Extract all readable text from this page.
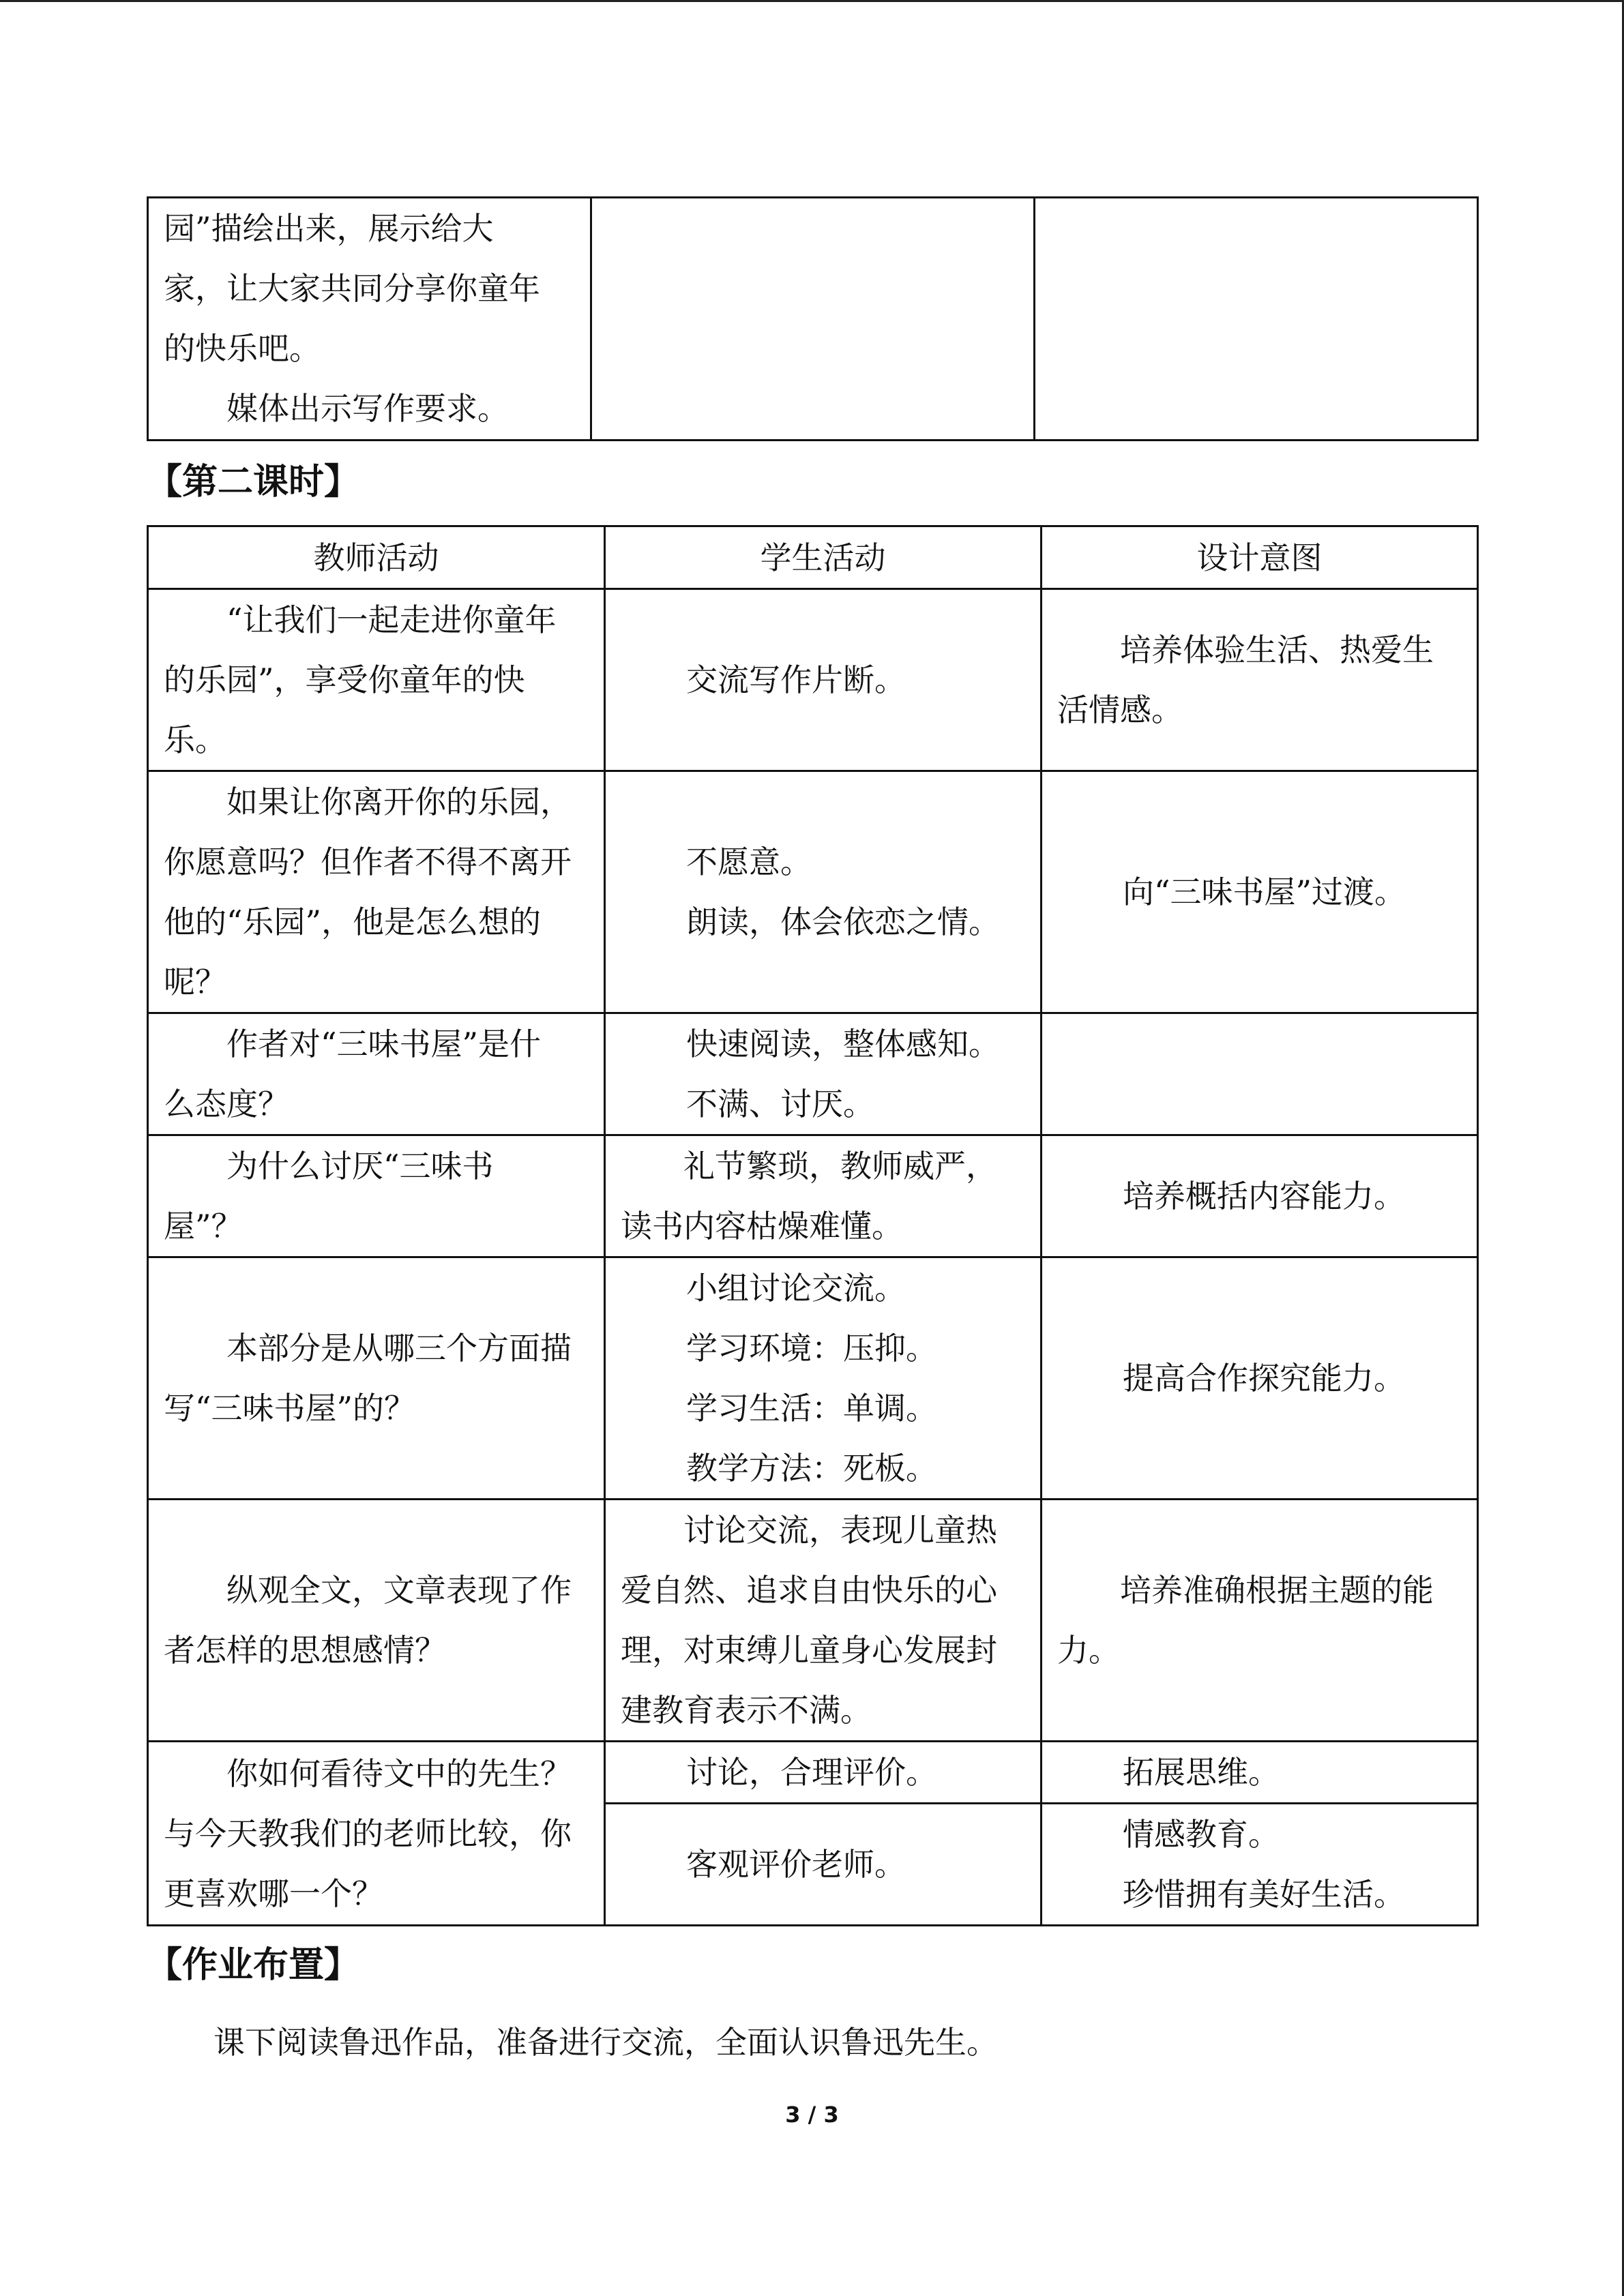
园”描绘出来，展示给大
家，让大家共同分享你童年
的快乐吧。
媒体出示写作要求。

【第二课时】
教师活动	学生活动	设计意图

“让我们一起走进你童年
的乐园”，享受你童年的快
乐。	交流写作片断。	培养体验生活、热爱生
活情感。

如果让你离开你的乐园，
你愿意吗？但作者不得不离开
他的“乐园”，他是怎么想的
呢？	不愿意。
朗读，体会依恋之情。	向“三味书屋”过渡。

作者对“三味书屋”是什
么态度？	快速阅读，整体感知。
不满、讨厌。	

为什么讨厌“三味书
屋”？	礼节繁琐，教师威严，
读书内容枯燥难懂。	培养概括内容能力。

本部分是从哪三个方面描
写“三味书屋”的？	小组讨论交流。
学习环境：压抑。
学习生活：单调。
教学方法：死板。	提高合作探究能力。

纵观全文，文章表现了作
者怎样的思想感情？	讨论交流，表现儿童热
爱自然、追求自由快乐的心
理，对束缚儿童身心发展封
建教育表示不满。	培养准确根据主题的能
力。

你如何看待文中的先生？
与今天教我们的老师比较，你
更喜欢哪一个？	讨论，合理评价。	拓展思维。

	客观评价老师。	情感教育。
珍惜拥有美好生活。
【作业布置】
课下阅读鲁迅作品，准备进行交流，全面认识鲁迅先生。
3 / 3
